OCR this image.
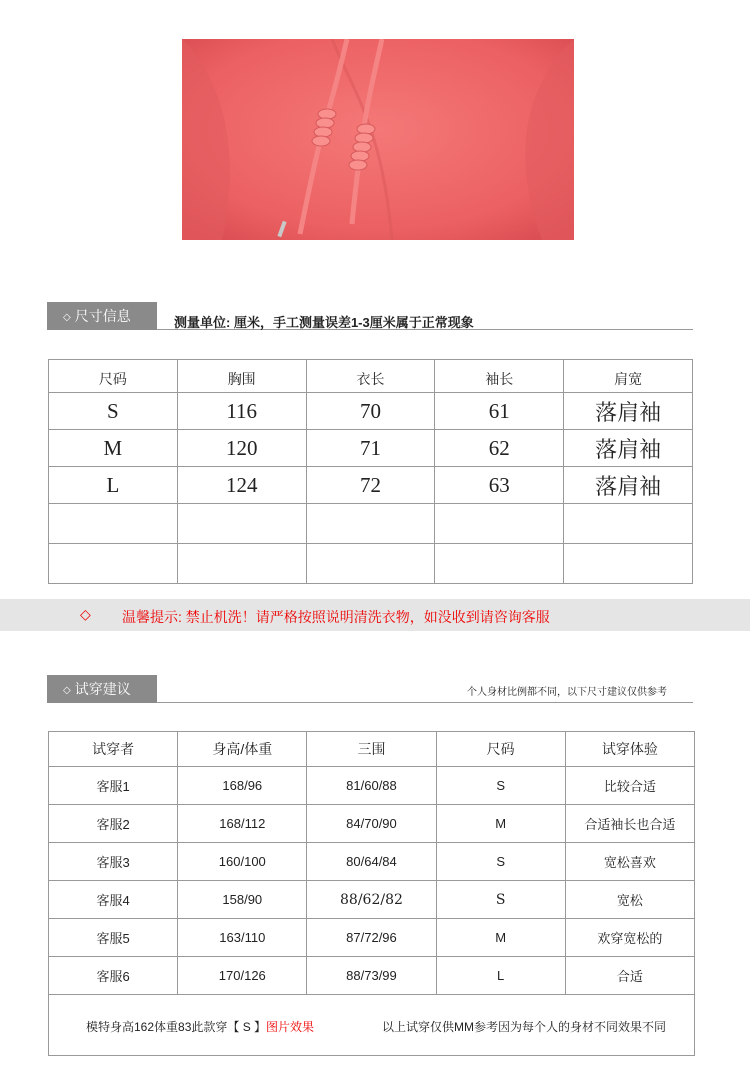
◇ 尺寸信息	测量单位: 厘米，手工测量误差1-3厘米属于正常现象
尺码	胸围	衣长	袖长	肩宽
S	116	70	61	落肩袖
M	120	71	62	落肩袖
L	124	72	63	落肩袖

◇ 温馨提示: 禁止机洗！请严格按照说明清洗衣物，如没收到请咨询客服
◇ 试穿建议	个人身材比例都不同，以下尺寸建议仅供参考
试穿者	身高/体重	三围	尺码	试穿体验
客服1	168/96	81/60/88	S	比较合适
客服2	168/112	84/70/90	M	合适袖长也合适
客服3	160/100	80/64/84	S	宽松喜欢
客服4	158/90	88/62/82	S	宽松
客服5	163/110	87/72/96	M	欢穿宽松的
客服6	170/126	88/73/99	L	合适

模特身高162体重83此款穿【 S 】图片效果	以上试穿仅供MM参考因为每个人的身材不同效果不同
